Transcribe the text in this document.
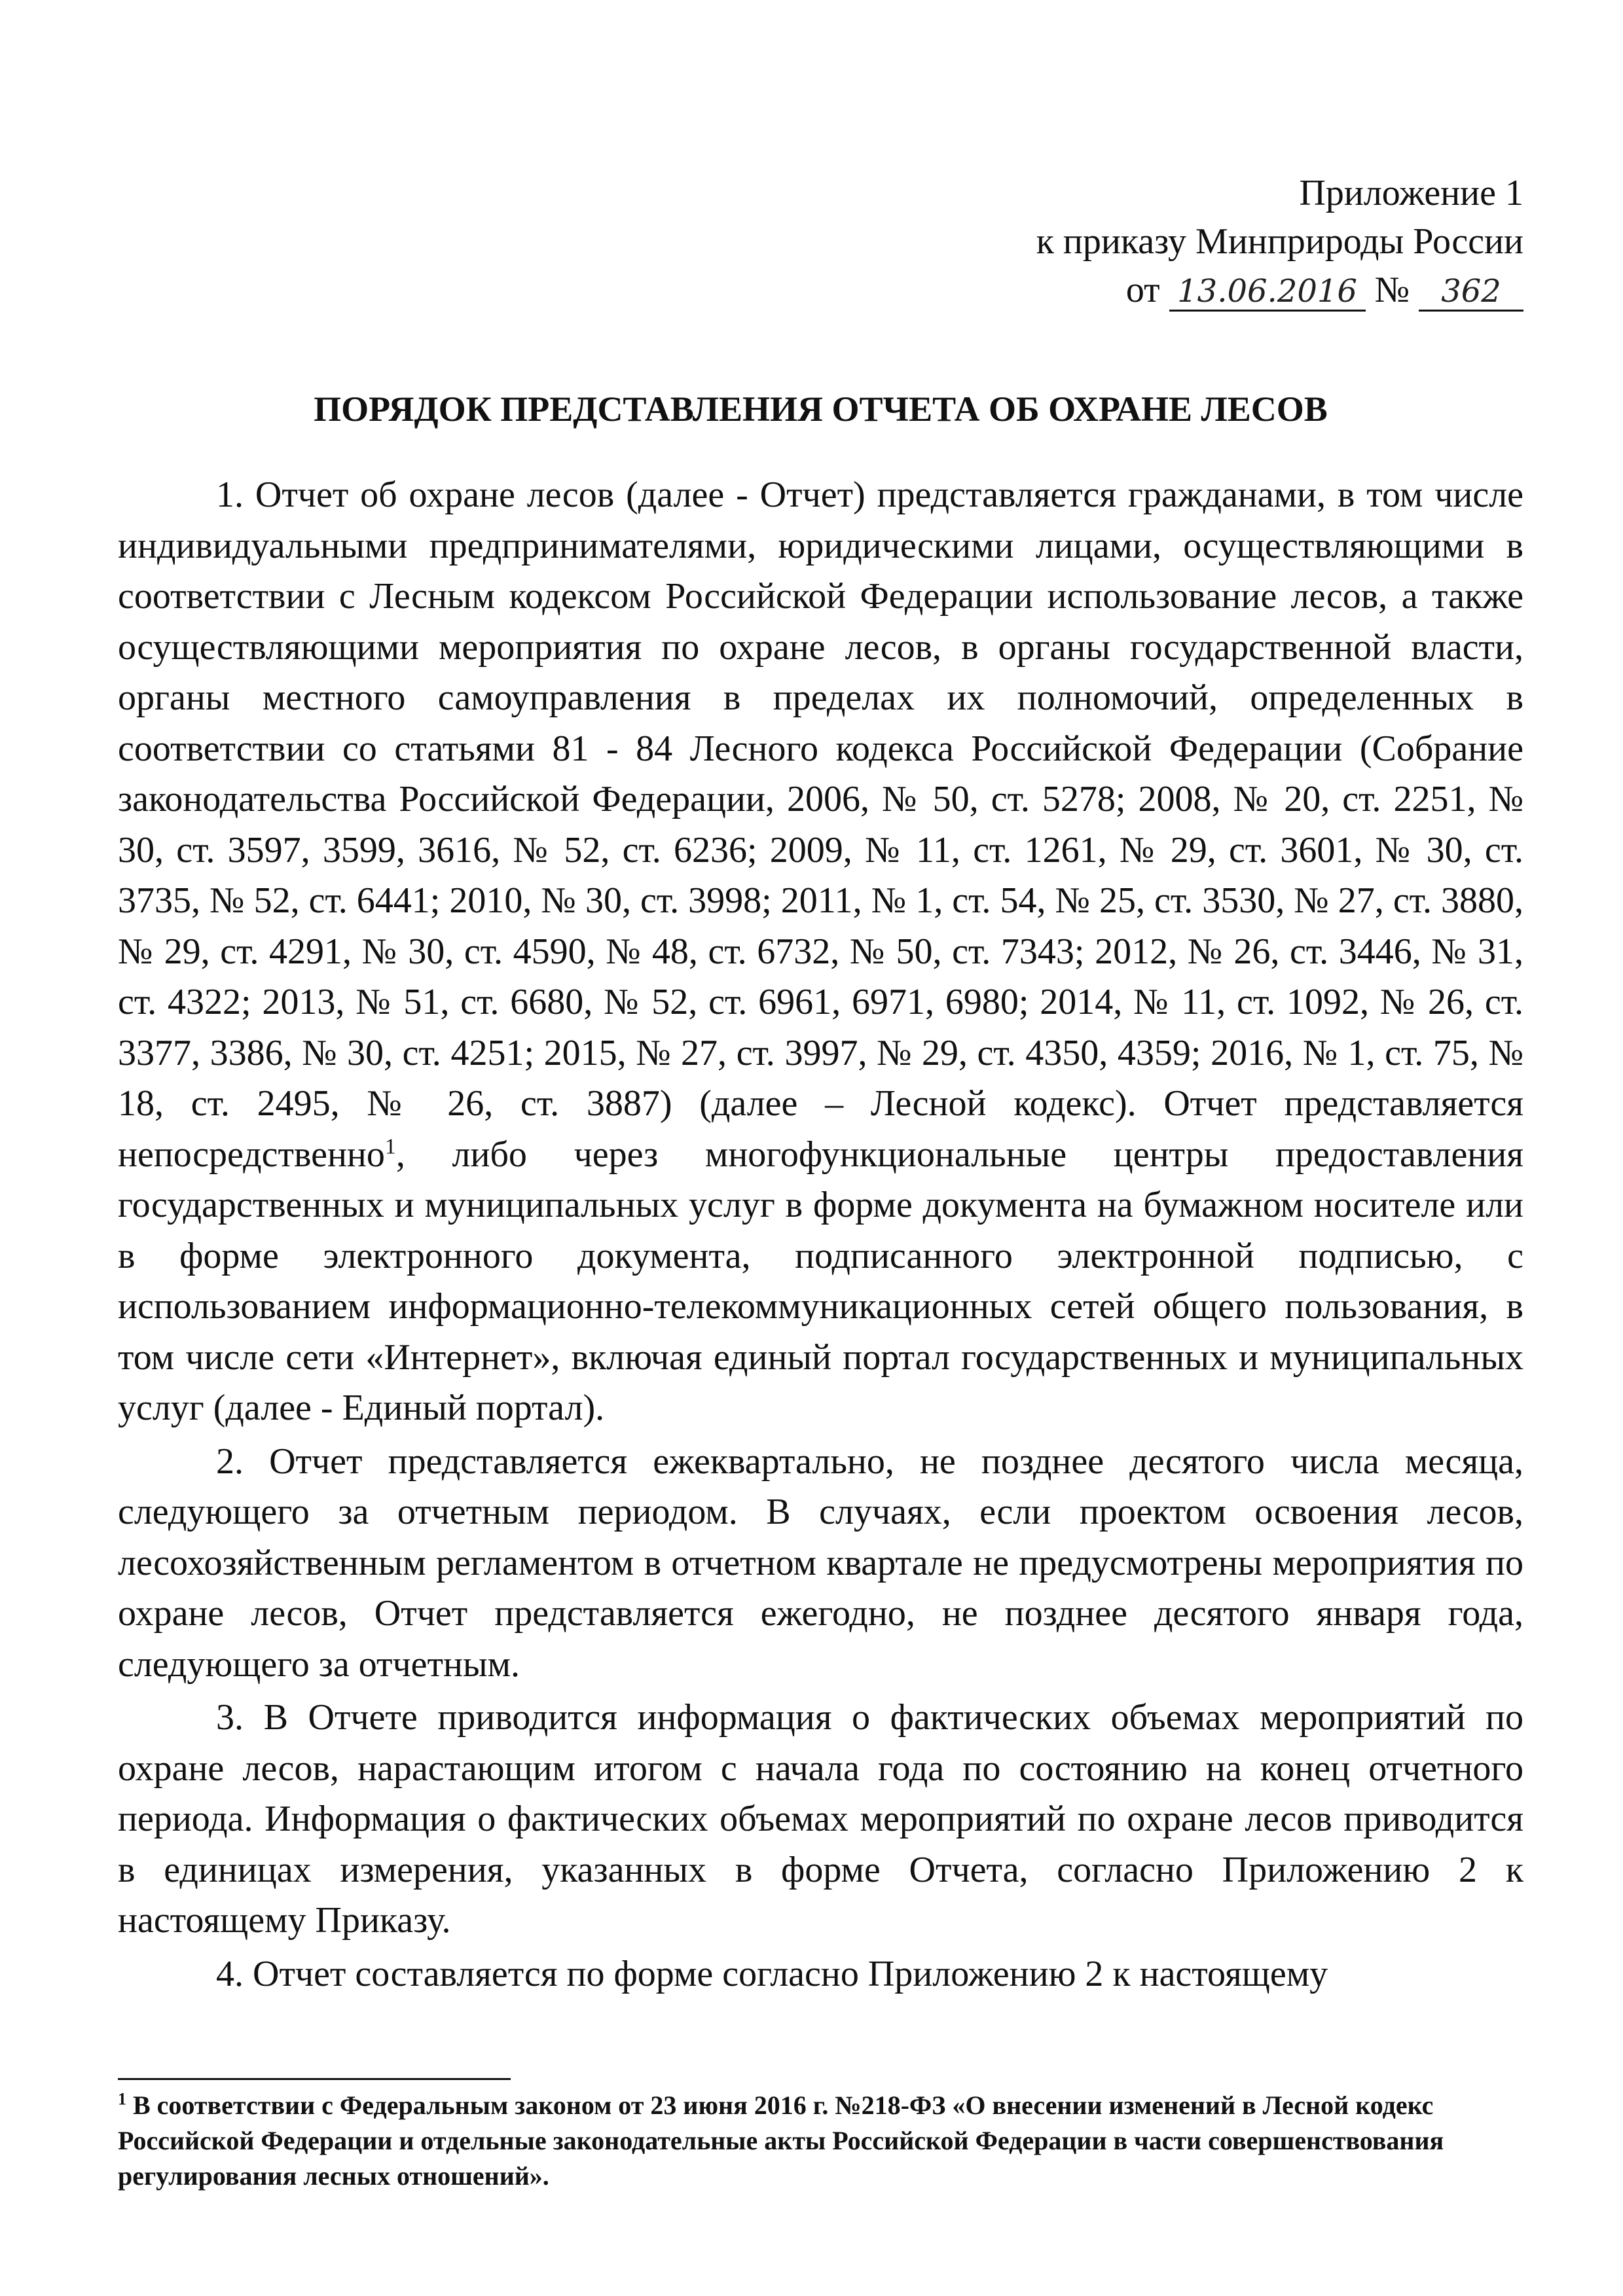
Приложение 1
к приказу Минприроды России
от 13.06.2016 № 362
ПОРЯДОК ПРЕДСТАВЛЕНИЯ ОТЧЕТА ОБ ОХРАНЕ ЛЕСОВ

1. Отчет об охране лесов (далее - Отчет) представляется гражданами, в том числе индивидуальными предпринимателями, юридическими лицами, осуществляющими в соответствии с Лесным кодексом Российской Федерации использование лесов, а также осуществляющими мероприятия по охране лесов, в органы государственной власти, органы местного самоуправления в пределах их полномочий, определенных в соответствии со статьями 81 - 84 Лесного кодекса Российской Федерации (Собрание законодательства Российской Федерации, 2006, № 50, ст. 5278; 2008, № 20, ст. 2251, № 30, ст. 3597, 3599, 3616, № 52, ст. 6236; 2009, № 11, ст. 1261, № 29, ст. 3601, № 30, ст. 3735, № 52, ст. 6441; 2010, № 30, ст. 3998; 2011, № 1, ст. 54, № 25, ст. 3530, № 27, ст. 3880, № 29, ст. 4291, № 30, ст. 4590, № 48, ст. 6732, № 50, ст. 7343; 2012, № 26, ст. 3446, № 31, ст. 4322; 2013, № 51, ст. 6680, № 52, ст. 6961, 6971, 6980; 2014, № 11, ст. 1092, № 26, ст. 3377, 3386, № 30, ст. 4251; 2015, № 27, ст. 3997, № 29, ст. 4350, 4359; 2016, № 1, ст. 75, № 18, ст. 2495, № 26, ст. 3887) (далее – Лесной кодекс). Отчет представляется непосредственно$^1$, либо через многофункциональные центры предоставления государственных и муниципальных услуг в форме документа на бумажном носителе или в форме электронного документа, подписанного электронной подписью, с использованием информационно-телекоммуникационных сетей общего пользования, в том числе сети «Интернет», включая единый портал государственных и муниципальных услуг (далее - Единый портал).

2. Отчет представляется ежеквартально, не позднее десятого числа месяца, следующего за отчетным периодом. В случаях, если проектом освоения лесов, лесохозяйственным регламентом в отчетном квартале не предусмотрены мероприятия по охране лесов, Отчет представляется ежегодно, не позднее десятого января года, следующего за отчетным.

3. В Отчете приводится информация о фактических объемах мероприятий по охране лесов, нарастающим итогом с начала года по состоянию на конец отчетного периода. Информация о фактических объемах мероприятий по охране лесов приводится в единицах измерения, указанных в форме Отчета, согласно Приложению 2 к настоящему Приказу.

4. Отчет составляется по форме согласно Приложению 2 к настоящему

$^1$ В соответствии с Федеральным законом от 23 июня 2016 г. №218-ФЗ «О внесении изменений в Лесной кодекс Российской Федерации и отдельные законодательные акты Российской Федерации в части совершенствования регулирования лесных отношений».
